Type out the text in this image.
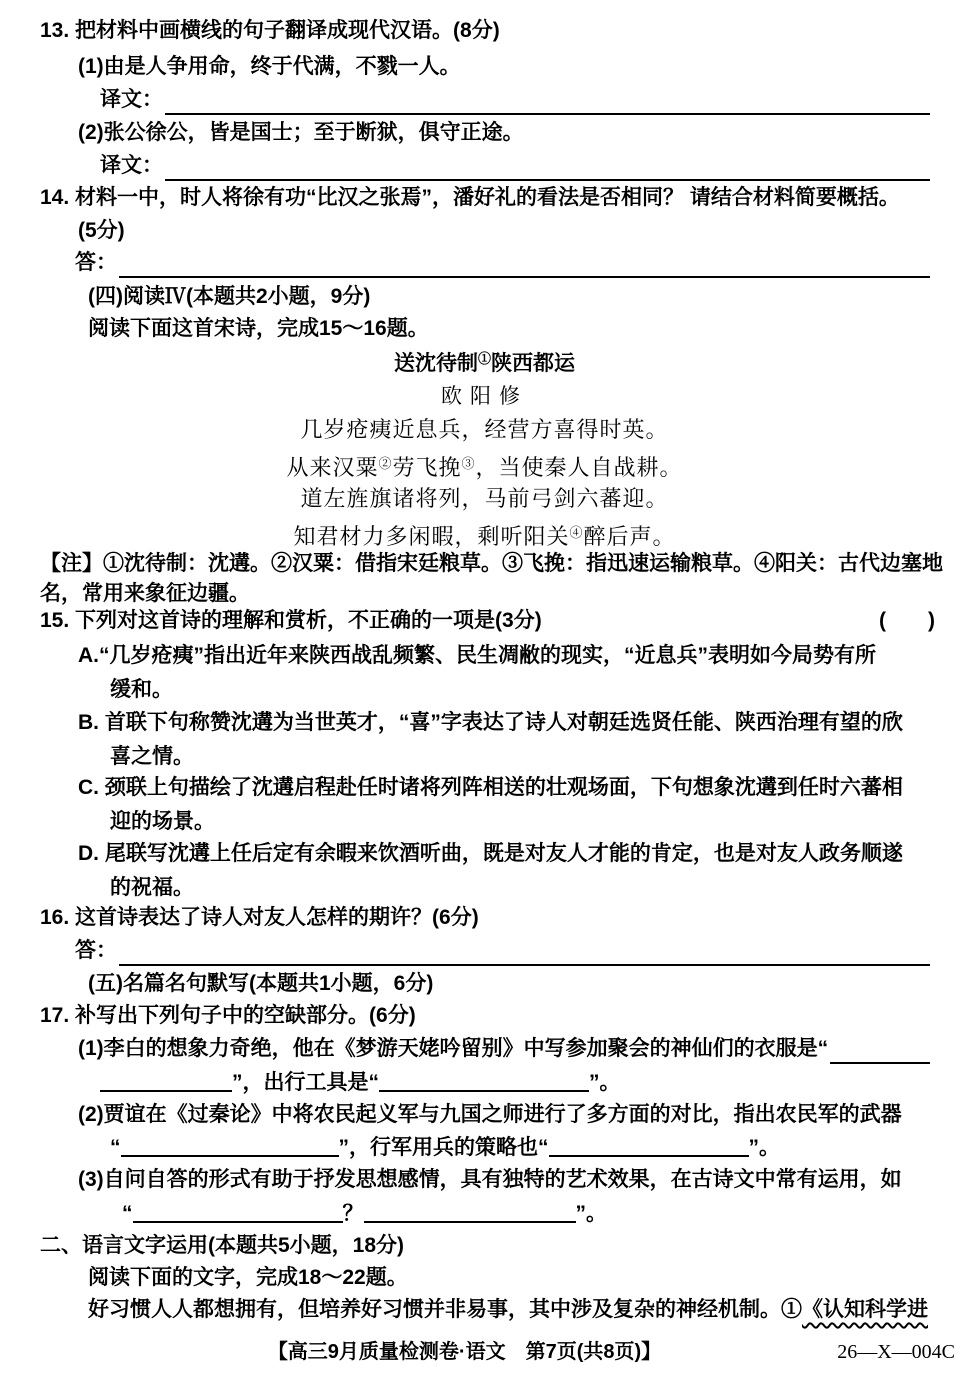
13. 把材料中画横线的句子翻译成现代汉语。(8分)
(1)由是人争用命，终于代满，不戮一人。
译文：
(2)张公徐公，皆是国士；至于断狱，俱守正途。
译文：
14. 材料一中，时人将徐有功“比汉之张焉”，潘好礼的看法是否相同？ 请结合材料简要概括。
(5分)
答：
(四)阅读Ⅳ(本题共2小题，9分)
阅读下面这首宋诗，完成15～16题。
送沈待制①陕西都运
欧阳修
几岁疮痍近息兵，经营方喜得时英。
从来汉粟②劳飞挽③，当使秦人自战耕。
道左旌旗诸将列，马前弓剑六蕃迎。
知君材力多闲暇，剩听阳关④醉后声。
【注】①沈待制：沈遘。②汉粟：借指宋廷粮草。③飞挽：指迅速运输粮草。④阳关：古代边塞地
名，常用来象征边疆。
15. 下列对这首诗的理解和赏析，不正确的一项是(3分)	(　　)
A.“几岁疮痍”指出近年来陕西战乱频繁、民生凋敝的现实，“近息兵”表明如今局势有所
缓和。
B. 首联下句称赞沈遘为当世英才，“喜”字表达了诗人对朝廷选贤任能、陕西治理有望的欣
喜之情。
C. 颈联上句描绘了沈遘启程赴任时诸将列阵相送的壮观场面，下句想象沈遘到任时六蕃相
迎的场景。
D. 尾联写沈遘上任后定有余暇来饮酒听曲，既是对友人才能的肯定，也是对友人政务顺遂
的祝福。
16. 这首诗表达了诗人对友人怎样的期许？(6分)
答：
(五)名篇名句默写(本题共1小题，6分)
17. 补写出下列句子中的空缺部分。(6分)
(1)李白的想象力奇绝，他在《梦游天姥吟留别》中写参加聚会的神仙们的衣服是“
”，出行工具是“	”。
(2)贾谊在《过秦论》中将农民起义军与九国之师进行了多方面的对比，指出农民军的武器
“	”，行军用兵的策略也“	”。
(3)自问自答的形式有助于抒发思想感情，具有独特的艺术效果，在古诗文中常有运用，如
“	？	”。
二、语言文字运用(本题共5小题，18分)
阅读下面的文字，完成18～22题。
好习惯人人都想拥有，但培养好习惯并非易事，其中涉及复杂的神经机制。①《认知科学进
【高三9月质量检测卷·语文　第7页(共8页)】	26—X—004C
